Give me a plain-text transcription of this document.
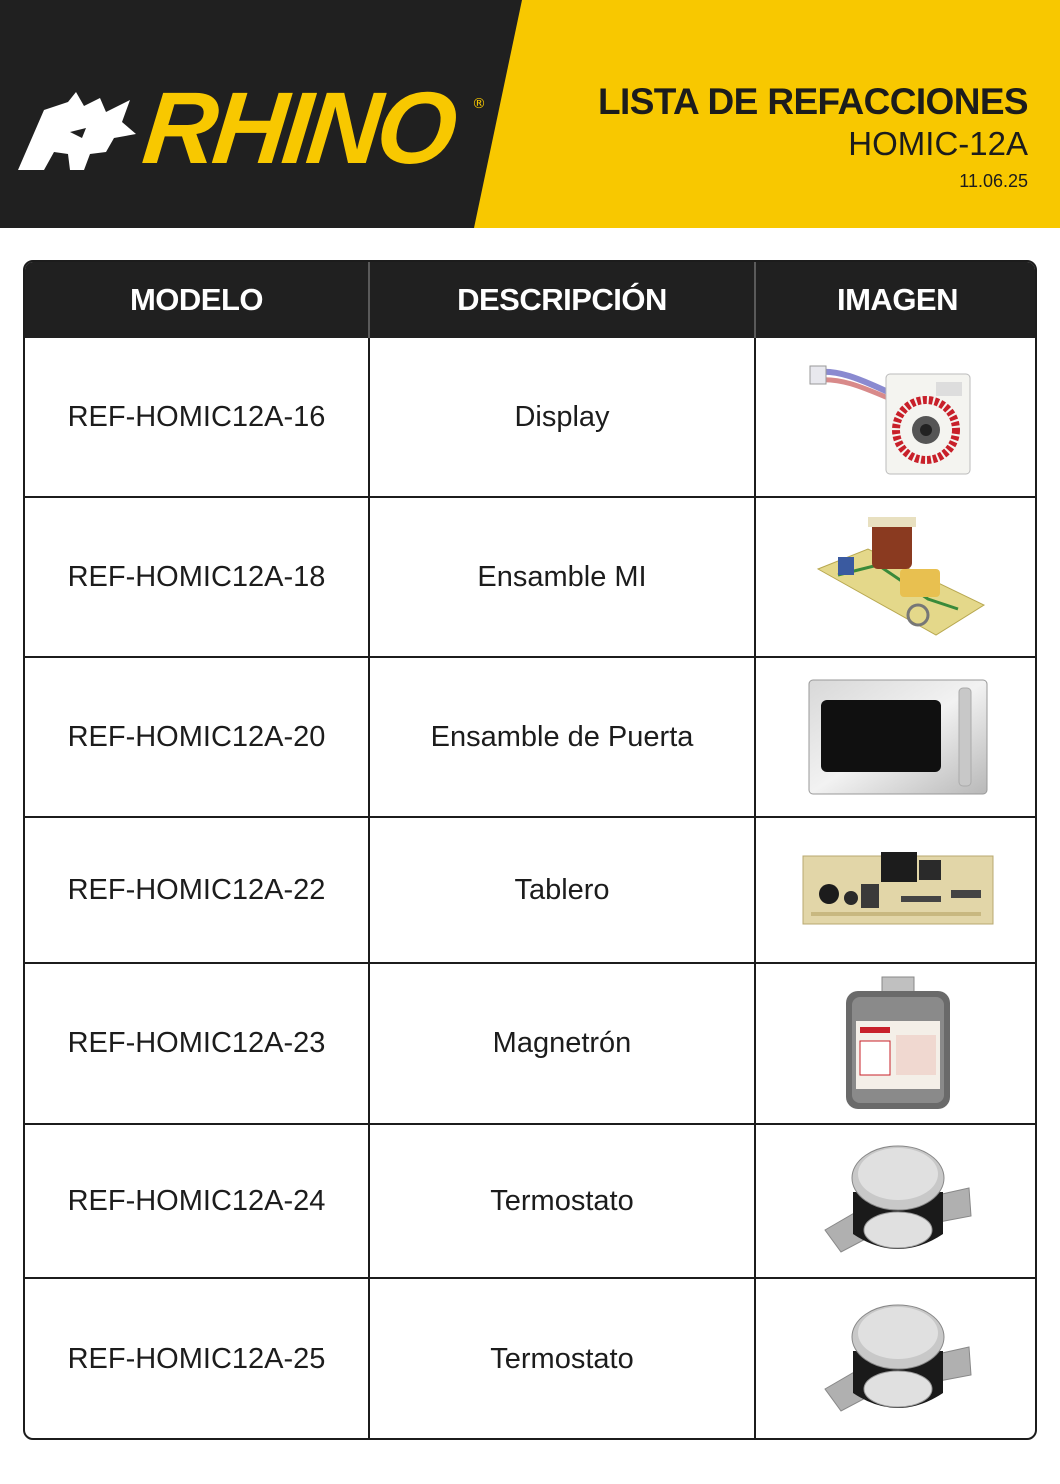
RHINO ®	LISTA DE REFACCIONES
HOMIC-12A
11.06.25
MODELO	DESCRIPCIÓN	IMAGEN
REF-HOMIC12A-16	Display	

REF-HOMIC12A-18	Ensamble MI	

REF-HOMIC12A-20	Ensamble de Puerta	

REF-HOMIC12A-22	Tablero	

REF-HOMIC12A-23	Magnetrón	

REF-HOMIC12A-24	Termostato	

REF-HOMIC12A-25	Termostato	
